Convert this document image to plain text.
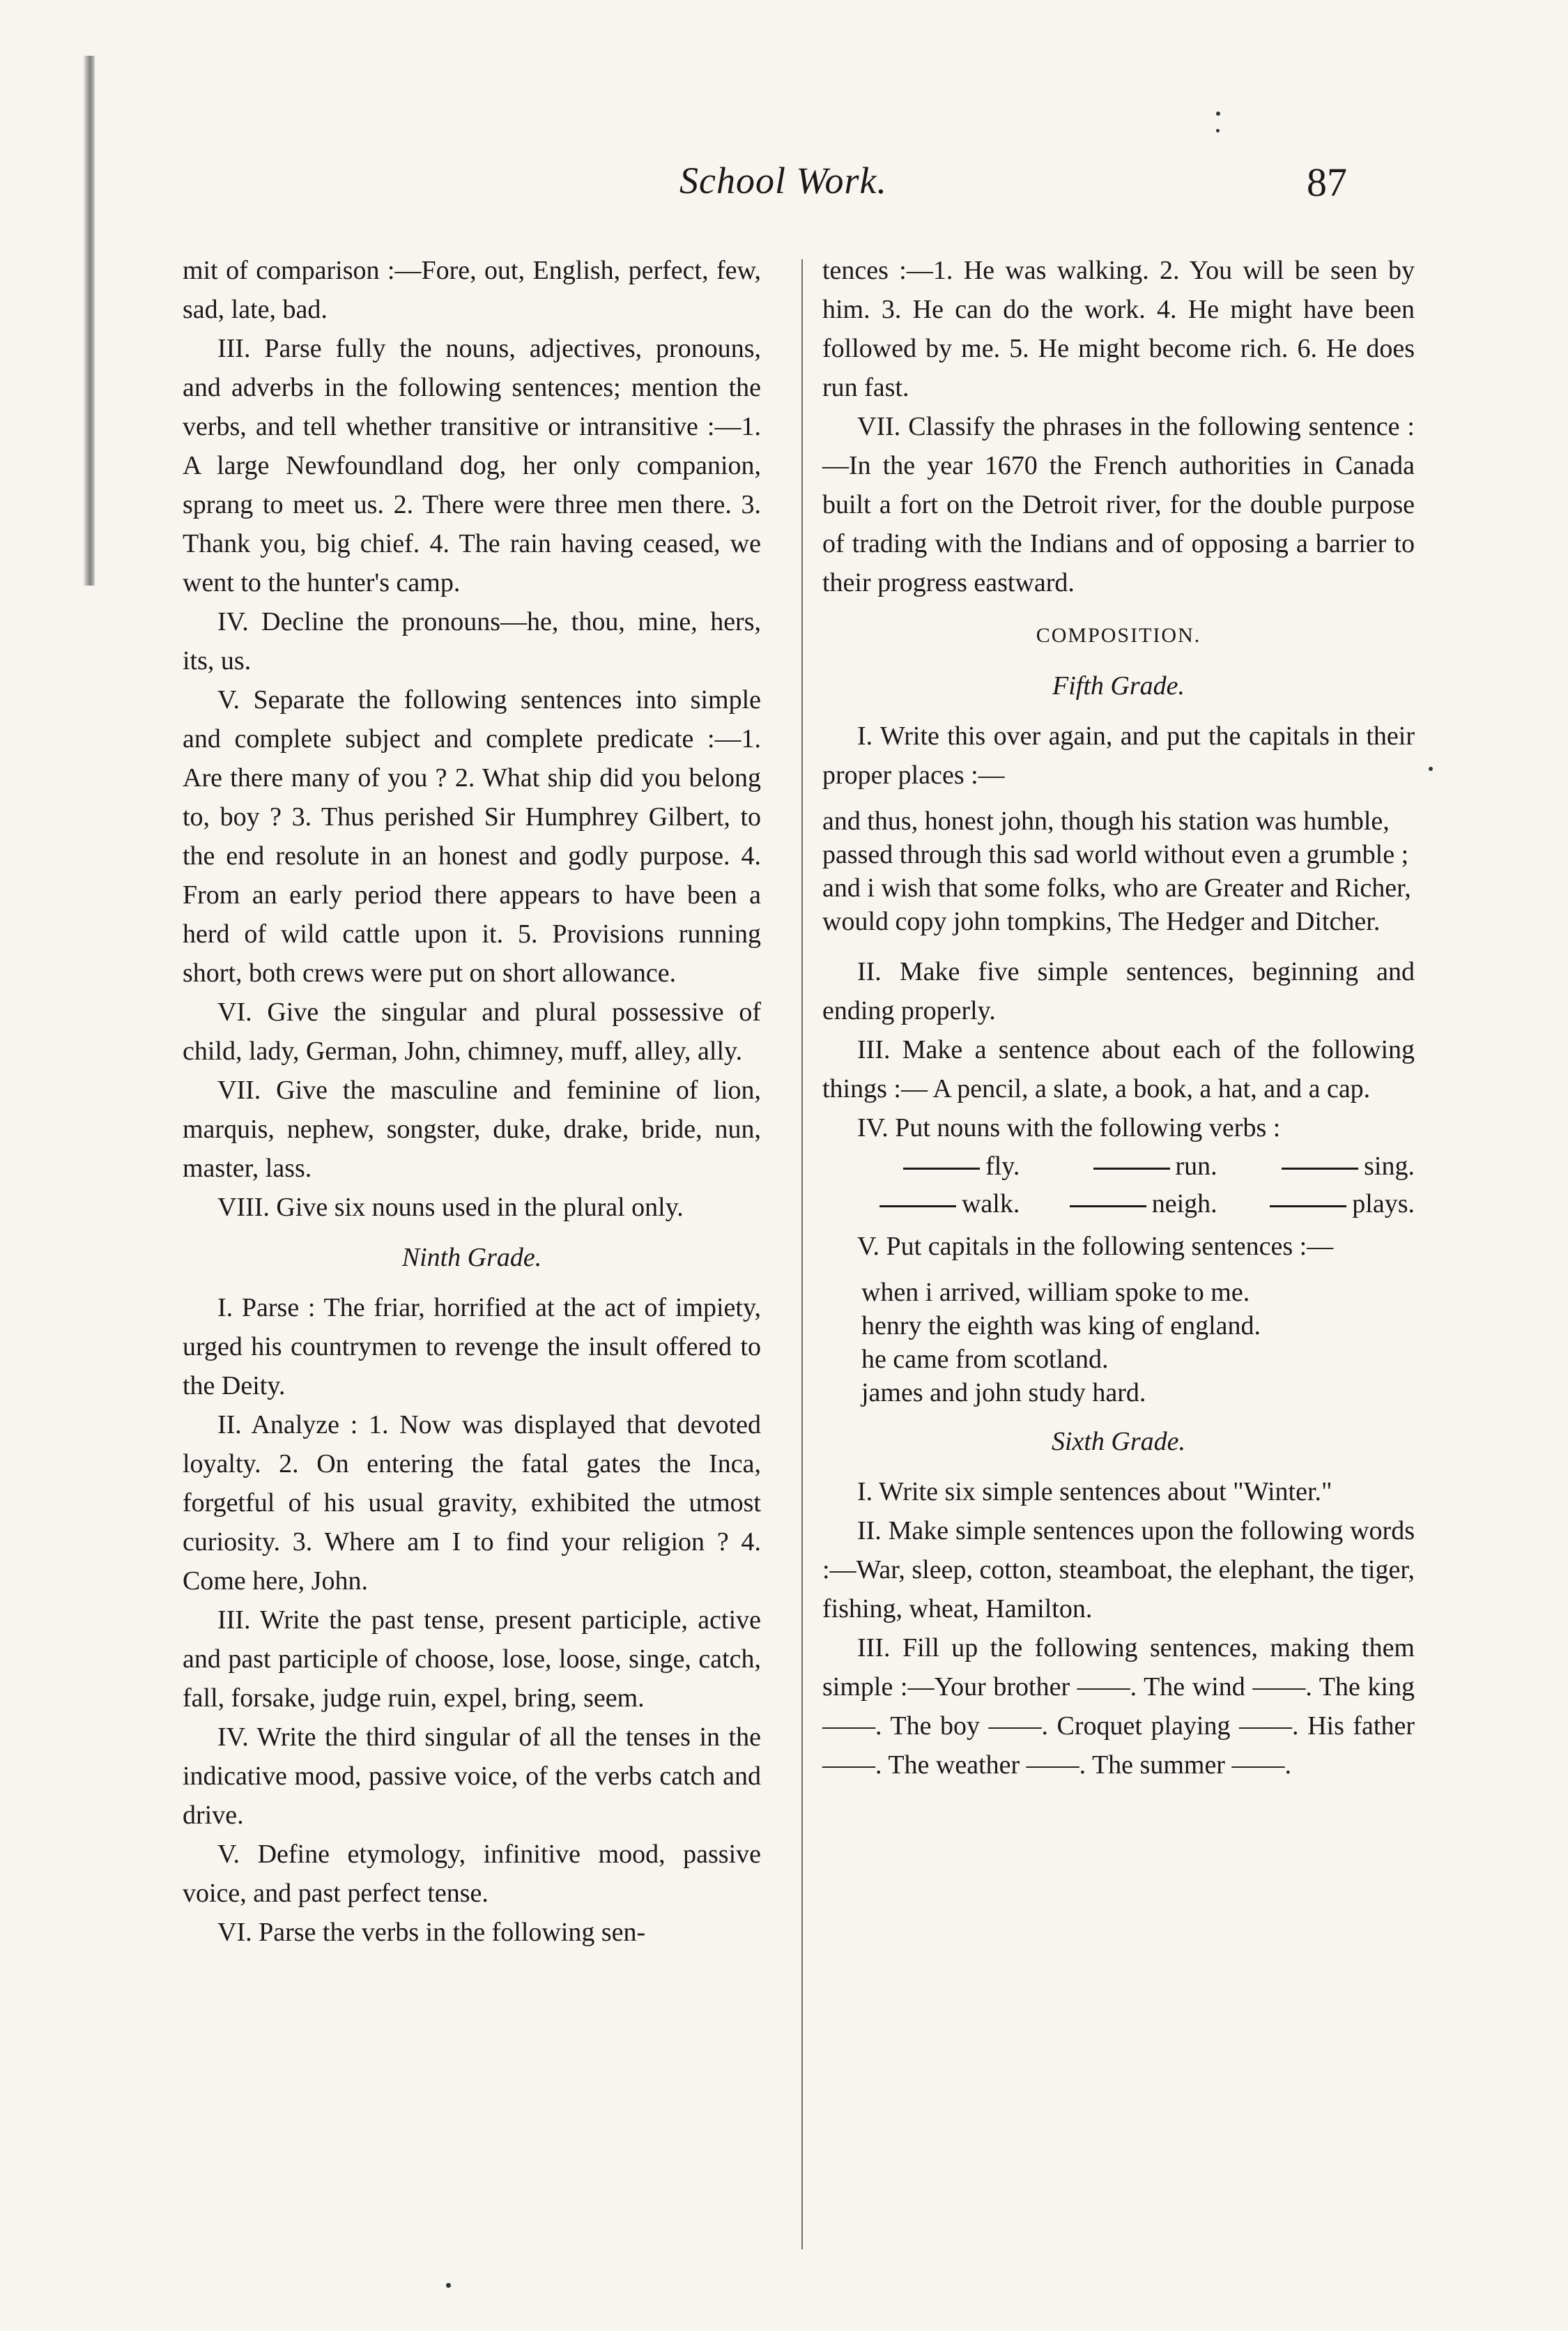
School Work.	87

mit of comparison :—Fore, out, English, perfect, few, sad, late, bad.

III. Parse fully the nouns, adjectives, pronouns, and adverbs in the following sentences; mention the verbs, and tell whether transitive or intransitive :—1. A large Newfoundland dog, her only companion, sprang to meet us. 2. There were three men there. 3. Thank you, big chief. 4. The rain having ceased, we went to the hunter's camp.

IV. Decline the pronouns—he, thou, mine, hers, its, us.

V. Separate the following sentences into simple and complete subject and complete predicate :—1. Are there many of you ? 2. What ship did you belong to, boy ? 3. Thus perished Sir Humphrey Gilbert, to the end resolute in an honest and godly purpose. 4. From an early period there appears to have been a herd of wild cattle upon it. 5. Provisions running short, both crews were put on short allowance.

VI. Give the singular and plural possessive of child, lady, German, John, chimney, muff, alley, ally.

VII. Give the masculine and feminine of lion, marquis, nephew, songster, duke, drake, bride, nun, master, lass.

VIII. Give six nouns used in the plural only.

Ninth Grade.

I. Parse : The friar, horrified at the act of impiety, urged his countrymen to revenge the insult offered to the Deity.

II. Analyze : 1. Now was displayed that devoted loyalty. 2. On entering the fatal gates the Inca, forgetful of his usual gravity, exhibited the utmost curiosity. 3. Where am I to find your religion ? 4. Come here, John.

III. Write the past tense, present participle, active and past participle of choose, lose, loose, singe, catch, fall, forsake, judge ruin, expel, bring, seem.

IV. Write the third singular of all the tenses in the indicative mood, passive voice, of the verbs catch and drive.

V. Define etymology, infinitive mood, passive voice, and past perfect tense.

VI. Parse the verbs in the following sen-

tences :—1. He was walking. 2. You will be seen by him. 3. He can do the work. 4. He might have been followed by me. 5. He might become rich. 6. He does run fast.

VII. Classify the phrases in the following sentence :—In the year 1670 the French authorities in Canada built a fort on the Detroit river, for the double purpose of trading with the Indians and of opposing a barrier to their progress eastward.

COMPOSITION.
Fifth Grade.

I. Write this over again, and put the capitals in their proper places :—

and thus, honest john, though his station was humble,
passed through this sad world without even a grumble ;
and i wish that some folks, who are Greater and Richer,
would copy john tompkins, The Hedger and Ditcher.

II. Make five simple sentences, beginning and ending properly.

III. Make a sentence about each of the following things :— A pencil, a slate, a book, a hat, and a cap.

IV. Put nouns with the following verbs :

fly.	run.	sing.
walk.	neigh.	plays.

V. Put capitals in the following sentences :—

when i arrived, william spoke to me.
henry the eighth was king of england.
he came from scotland.
james and john study hard.
Sixth Grade.

I. Write six simple sentences about "Winter."

II. Make simple sentences upon the following words :—War, sleep, cotton, steamboat, the elephant, the tiger, fishing, wheat, Hamilton.

III. Fill up the following sentences, making them simple :—Your brother ——. The wind ——. The king ——. The boy ——. Croquet playing ——. His father ——. The weather ——. The summer ——.
